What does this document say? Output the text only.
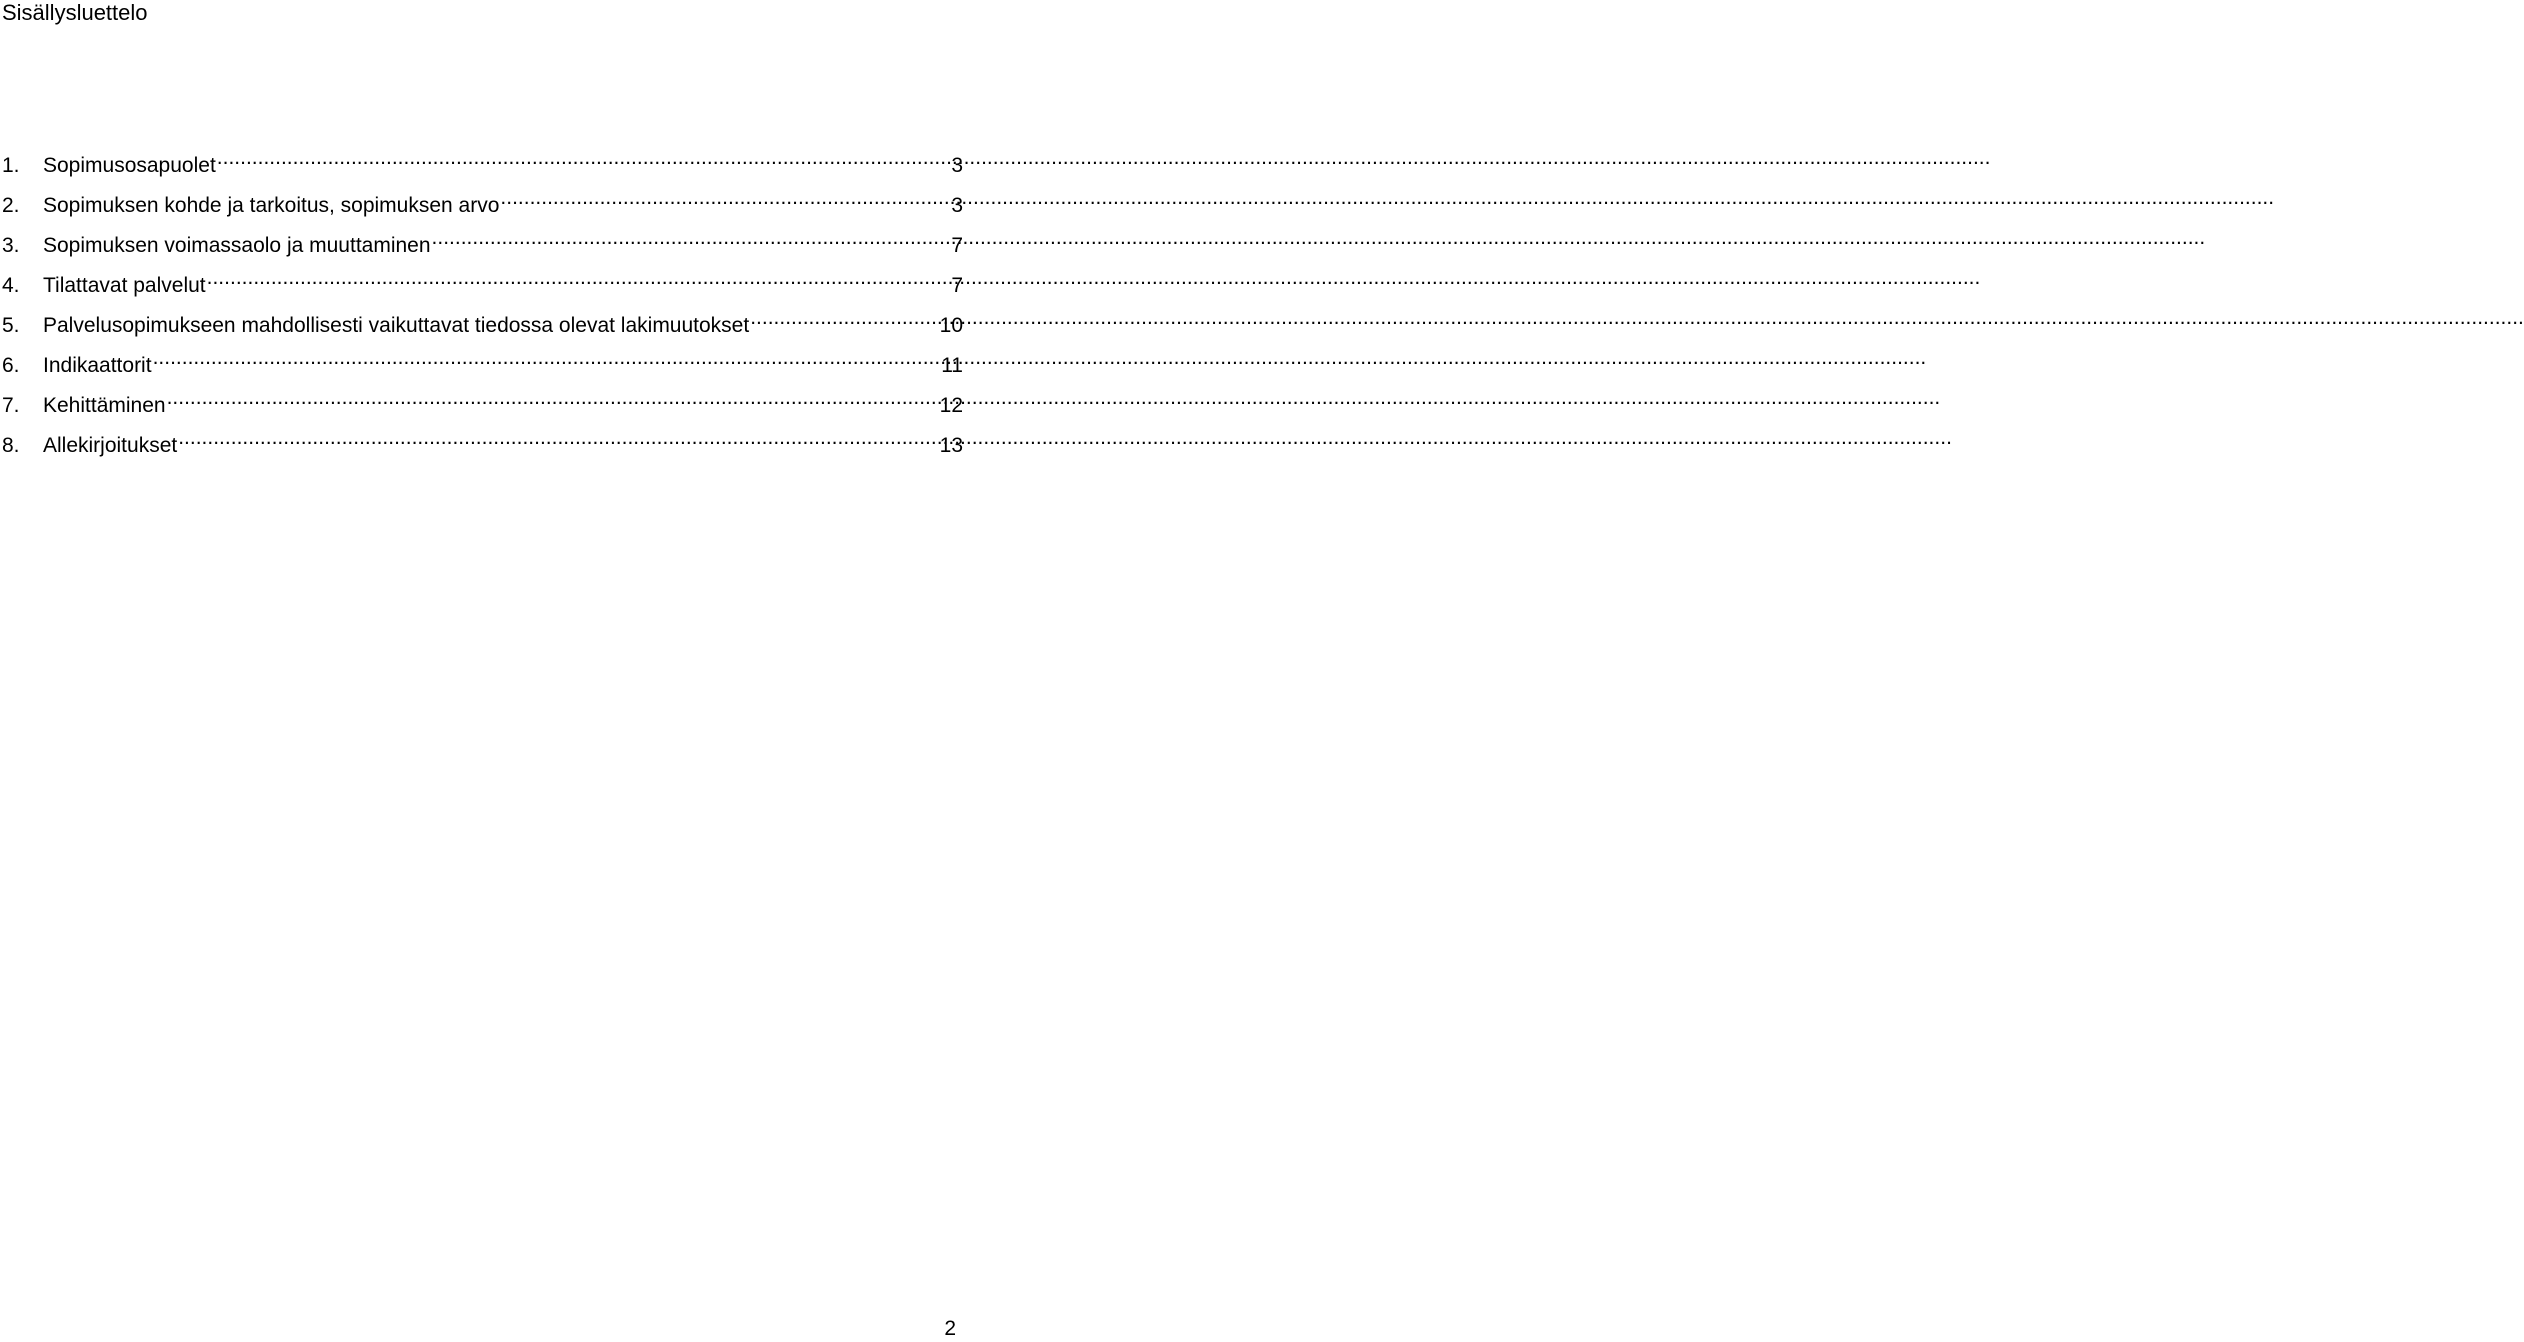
Sisällysluettelo
1.	Sopimusosapuolet .....	3
2.	Sopimuksen kohde ja tarkoitus, sopimuksen arvo .....	3
3.	Sopimuksen voimassaolo ja muuttaminen .....	7
4.	Tilattavat palvelut .....	7
5.	Palvelusopimukseen mahdollisesti vaikuttavat tiedossa olevat lakimuutokset .....	10
6.	Indikaattorit .....	11
7.	Kehittäminen .....	12
8.	Allekirjoitukset .....	13
2
